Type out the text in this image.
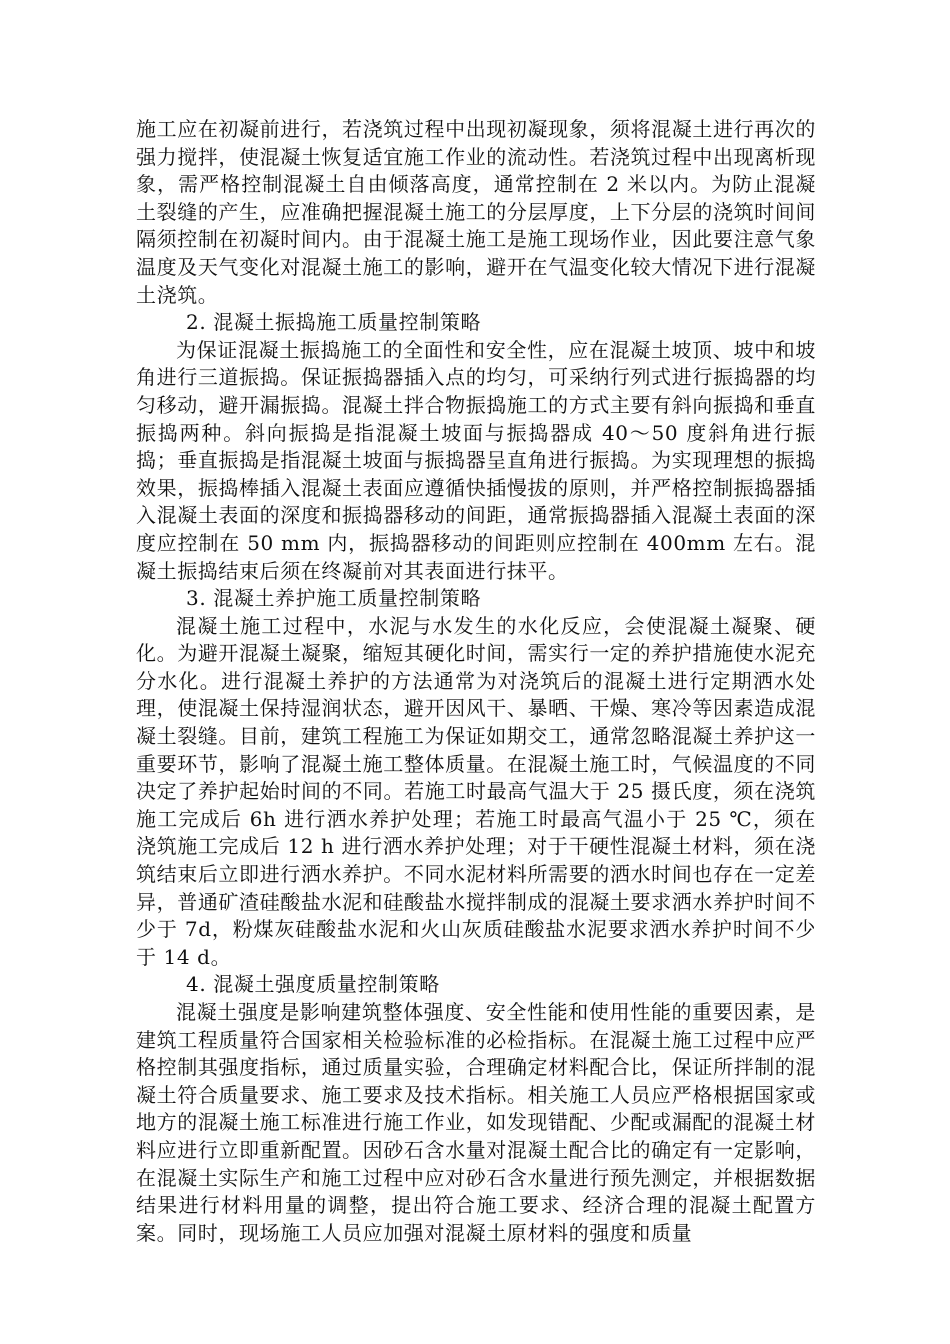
施工应在初凝前进行，若浇筑过程中出现初凝现象，须将混凝土进行再次的强力搅拌，使混凝土恢复适宜施工作业的流动性。若浇筑过程中出现离析现象，需严格控制混凝土自由倾落高度，通常控制在 2 米以内。为防止混凝土裂缝的产生，应准确把握混凝土施工的分层厚度，上下分层的浇筑时间间隔须控制在初凝时间内。由于混凝土施工是施工现场作业，因此要注意气象温度及天气变化对混凝土施工的影响，避开在气温变化较大情况下进行混凝土浇筑。

2. 混凝土振捣施工质量控制策略

为保证混凝土振捣施工的全面性和安全性，应在混凝土坡顶、坡中和坡角进行三道振捣。保证振捣器插入点的均匀，可采纳行列式进行振捣器的均匀移动，避开漏振捣。混凝土拌合物振捣施工的方式主要有斜向振捣和垂直振捣两种。斜向振捣是指混凝土坡面与振捣器成 40～50 度斜角进行振捣；垂直振捣是指混凝土坡面与振捣器呈直角进行振捣。为实现理想的振捣效果，振捣棒插入混凝土表面应遵循快插慢拔的原则，并严格控制振捣器插入混凝土表面的深度和振捣器移动的间距，通常振捣器插入混凝土表面的深度应控制在 50 mm 内，振捣器移动的间距则应控制在 400mm 左右。混凝土振捣结束后须在终凝前对其表面进行抹平。

3. 混凝土养护施工质量控制策略

混凝土施工过程中，水泥与水发生的水化反应，会使混凝土凝聚、硬化。为避开混凝土凝聚，缩短其硬化时间，需实行一定的养护措施使水泥充分水化。进行混凝土养护的方法通常为对浇筑后的混凝土进行定期洒水处理，使混凝土保持湿润状态，避开因风干、暴晒、干燥、寒冷等因素造成混凝土裂缝。目前，建筑工程施工为保证如期交工，通常忽略混凝土养护这一重要环节，影响了混凝土施工整体质量。在混凝土施工时，气候温度的不同决定了养护起始时间的不同。若施工时最高气温大于 25 摄氏度，须在浇筑施工完成后 6h 进行洒水养护处理；若施工时最高气温小于 25 ℃，须在浇筑施工完成后 12 h 进行洒水养护处理；对于干硬性混凝土材料，须在浇筑结束后立即进行洒水养护。不同水泥材料所需要的洒水时间也存在一定差异，普通矿渣硅酸盐水泥和硅酸盐水搅拌制成的混凝土要求洒水养护时间不少于 7d，粉煤灰硅酸盐水泥和火山灰质硅酸盐水泥要求洒水养护时间不少于 14 d。

4. 混凝土强度质量控制策略

混凝土强度是影响建筑整体强度、安全性能和使用性能的重要因素，是建筑工程质量符合国家相关检验标准的必检指标。在混凝土施工过程中应严格控制其强度指标，通过质量实验，合理确定材料配合比，保证所拌制的混凝土符合质量要求、施工要求及技术指标。相关施工人员应严格根据国家或地方的混凝土施工标准进行施工作业，如发现错配、少配或漏配的混凝土材料应进行立即重新配置。因砂石含水量对混凝土配合比的确定有一定影响，在混凝土实际生产和施工过程中应对砂石含水量进行预先测定，并根据数据结果进行材料用量的调整，提出符合施工要求、经济合理的混凝土配置方案。同时，现场施工人员应加强对混凝土原材料的强度和质量
